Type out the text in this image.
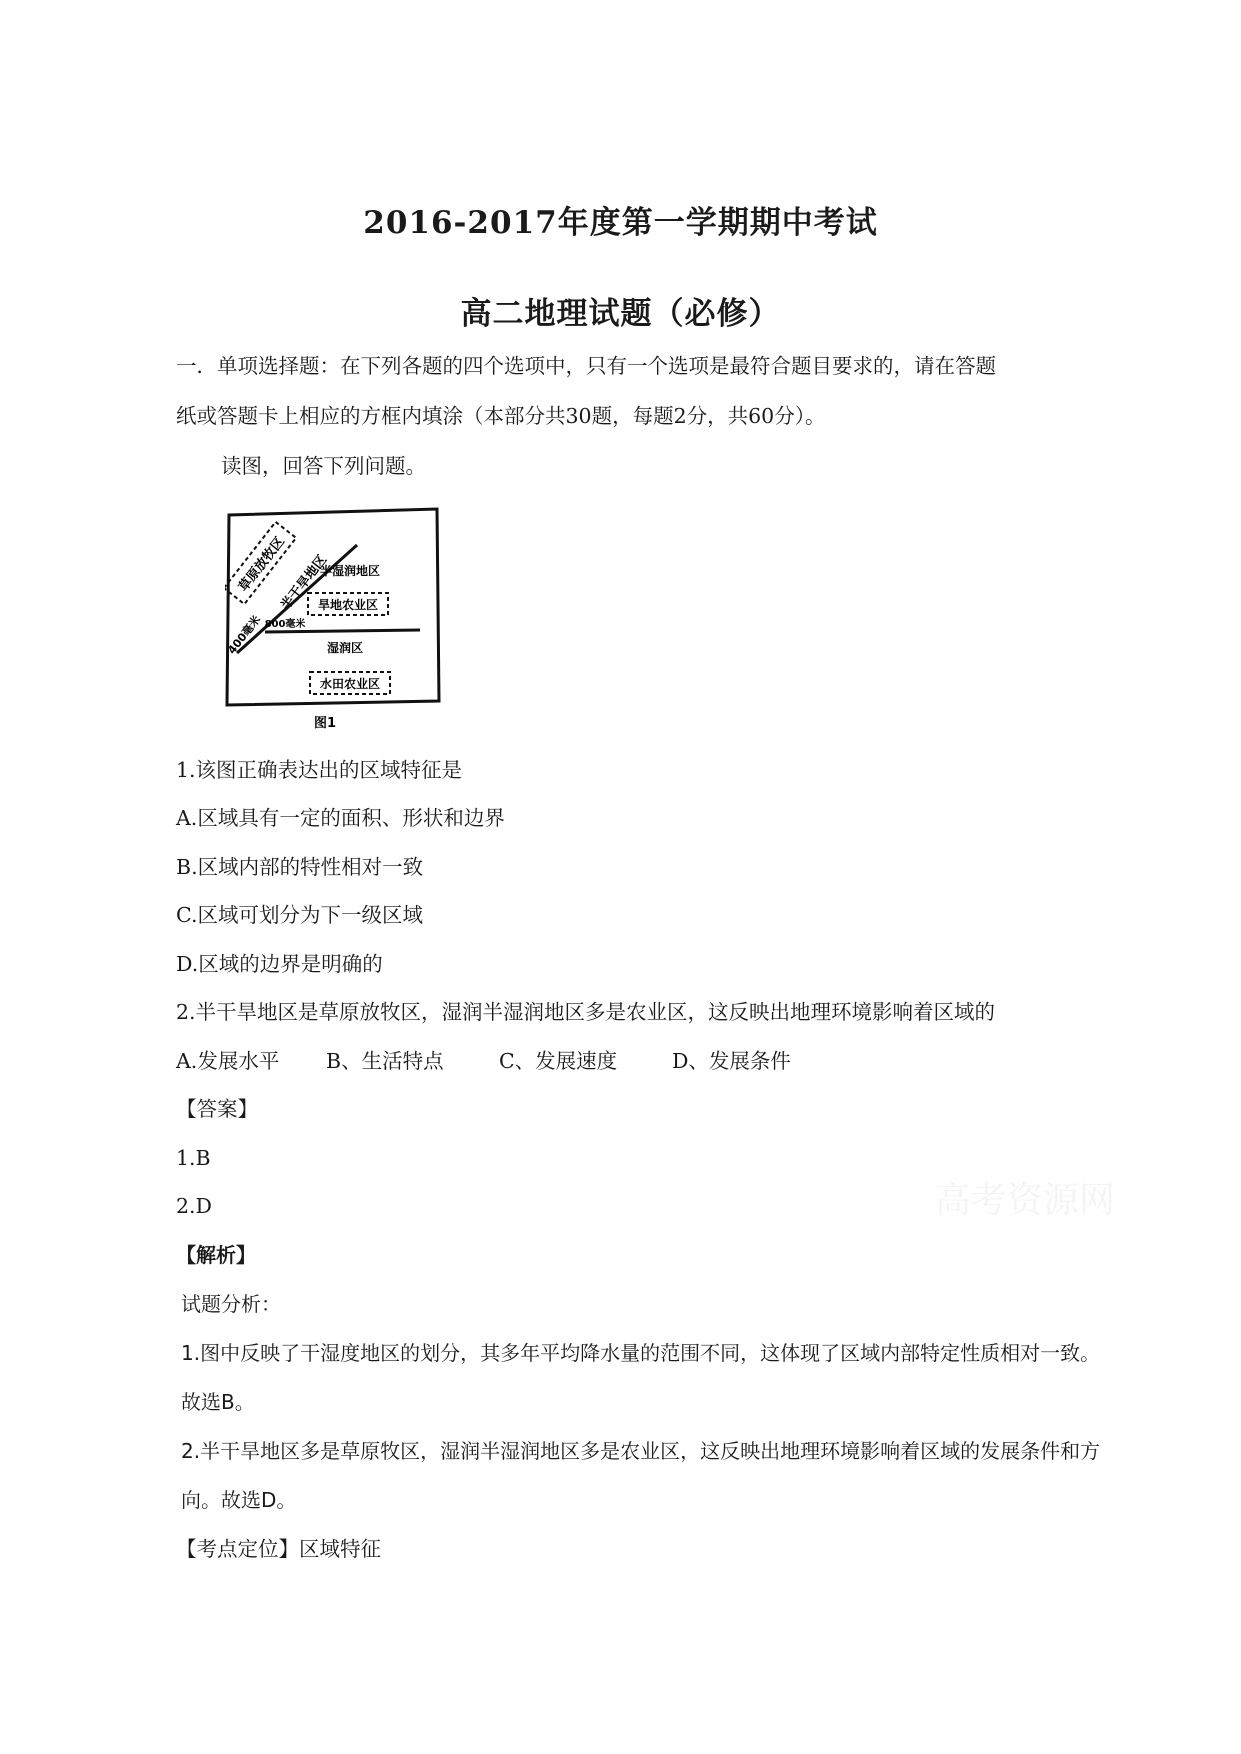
2016-2017年度第一学期期中考试
高二地理试题（必修）
一．单项选择题：在下列各题的四个选项中，只有一个选项是最符合题目要求的，请在答题
纸或答题卡上相应的方框内填涂（本部分共30题，每题2分，共60分）。
读图，回答下列问题。
草原放牧区
半干旱地区
400毫米
半湿润地区
旱地农业区
800毫米
湿润区
水田农业区
图1
1.该图正确表达出的区域特征是
A.区域具有一定的面积、形状和边界
B.区域内部的特性相对一致
C.区域可划分为下一级区域
D.区域的边界是明确的
2.半干旱地区是草原放牧区，湿润半湿润地区多是农业区，这反映出地理环境影响着区域的
A.发展水平 B、生活特点	C、发展速度	D、发展条件
【答案】
1.B
2.D	高考资源网
【解析】
试题分析：
1.图中反映了干湿度地区的划分，其多年平均降水量的范围不同，这体现了区域内部特定性质相对一致。
故选B。
2.半干旱地区多是草原牧区，湿润半湿润地区多是农业区，这反映出地理环境影响着区域的发展条件和方
向。故选D。
【考点定位】区域特征
